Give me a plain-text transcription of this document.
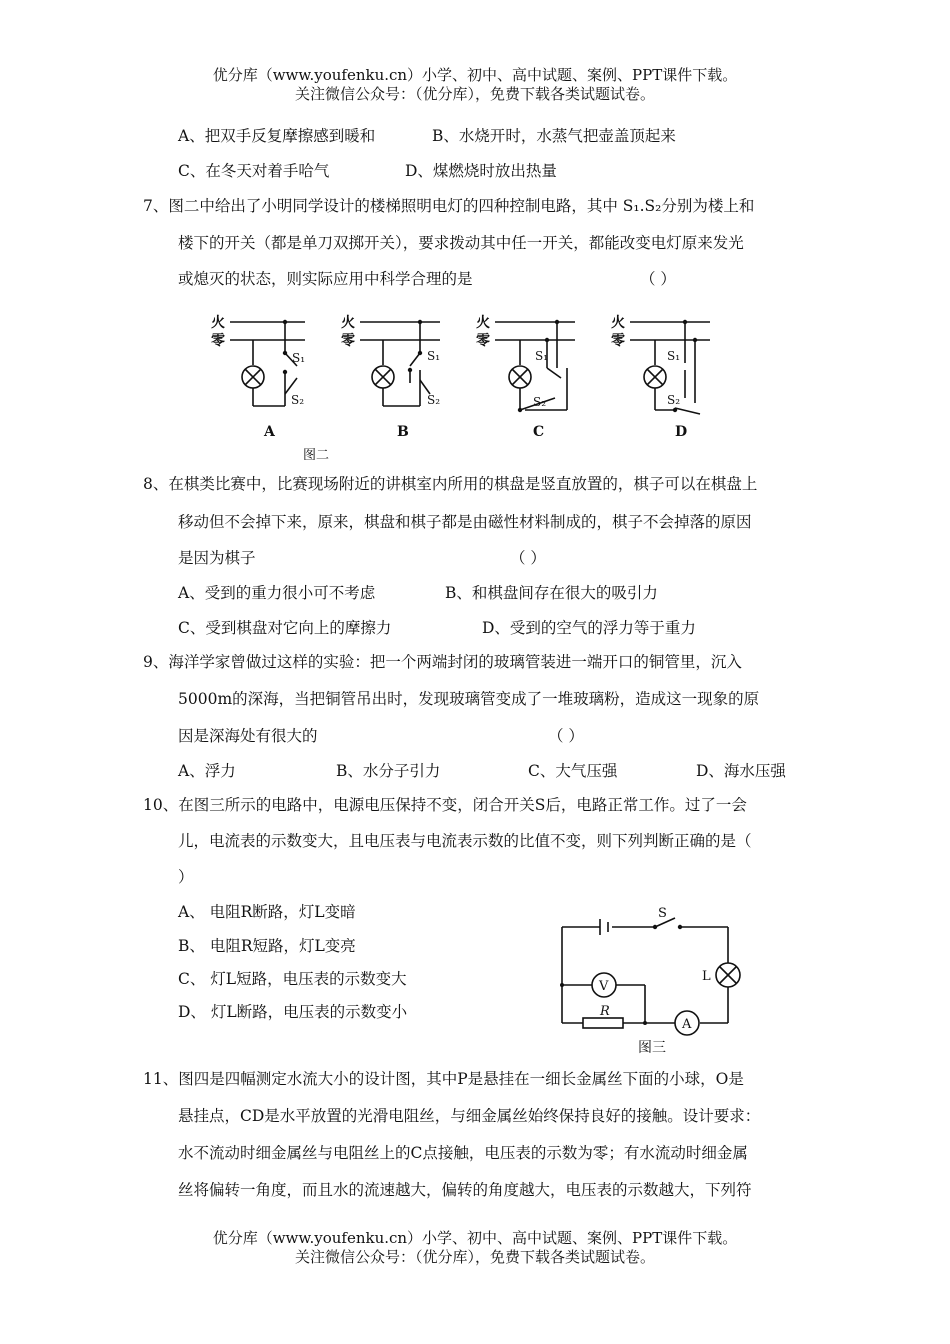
优分库（www.youfenku.cn）小学、初中、高中试题、案例、PPT课件下载。
关注微信公众号：（优分库），免费下载各类试题试卷。
A、把双手反复摩擦感到暖和	B、水烧开时，水蒸气把壶盖顶起来
C、在冬天对着手哈气	D、煤燃烧时放出热量
7、图二中给出了小明同学设计的楼梯照明电灯的四种控制电路，其中 S₁.S₂分别为楼上和
楼下的开关（都是单刀双掷开关），要求拨动其中任一开关，都能改变电灯原来发光
或熄灭的状态，则实际应用中科学合理的是	（ ）
火
零
火
零
火
零
火
零
S₁
S₂
S₁
S₂
S₁
S₂
S₁
S₂
A	B	C	D
图二
8、在棋类比赛中，比赛现场附近的讲棋室内所用的棋盘是竖直放置的，棋子可以在棋盘上
移动但不会掉下来，原来，棋盘和棋子都是由磁性材料制成的，棋子不会掉落的原因
是因为棋子	（ ）
A、受到的重力很小可不考虑	B、和棋盘间存在很大的吸引力
C、受到棋盘对它向上的摩擦力	D、受到的空气的浮力等于重力
9、海洋学家曾做过这样的实验：把一个两端封闭的玻璃管装进一端开口的铜管里，沉入
5000m的深海，当把铜管吊出时，发现玻璃管变成了一堆玻璃粉，造成这一现象的原
因是深海处有很大的	（ ）
A、浮力	B、水分子引力	C、大气压强	D、海水压强
10、在图三所示的电路中，电源电压保持不变，闭合开关S后，电路正常工作。过了一会
儿，电流表的示数变大，且电压表与电流表示数的比值不变，则下列判断正确的是（
）
A、 电阻R断路，灯L变暗
B、 电阻R短路，灯L变亮
C、 灯L短路，电压表的示数变大
D、 灯L断路，电压表的示数变小
S
L
V
R
A
图三
11、图四是四幅测定水流大小的设计图，其中P是悬挂在一细长金属丝下面的小球，O是
悬挂点，CD是水平放置的光滑电阻丝，与细金属丝始终保持良好的接触。设计要求：
水不流动时细金属丝与电阻丝上的C点接触，电压表的示数为零；有水流动时细金属
丝将偏转一角度，而且水的流速越大，偏转的角度越大，电压表的示数越大，下列符
优分库（www.youfenku.cn）小学、初中、高中试题、案例、PPT课件下载。
关注微信公众号：（优分库），免费下载各类试题试卷。
